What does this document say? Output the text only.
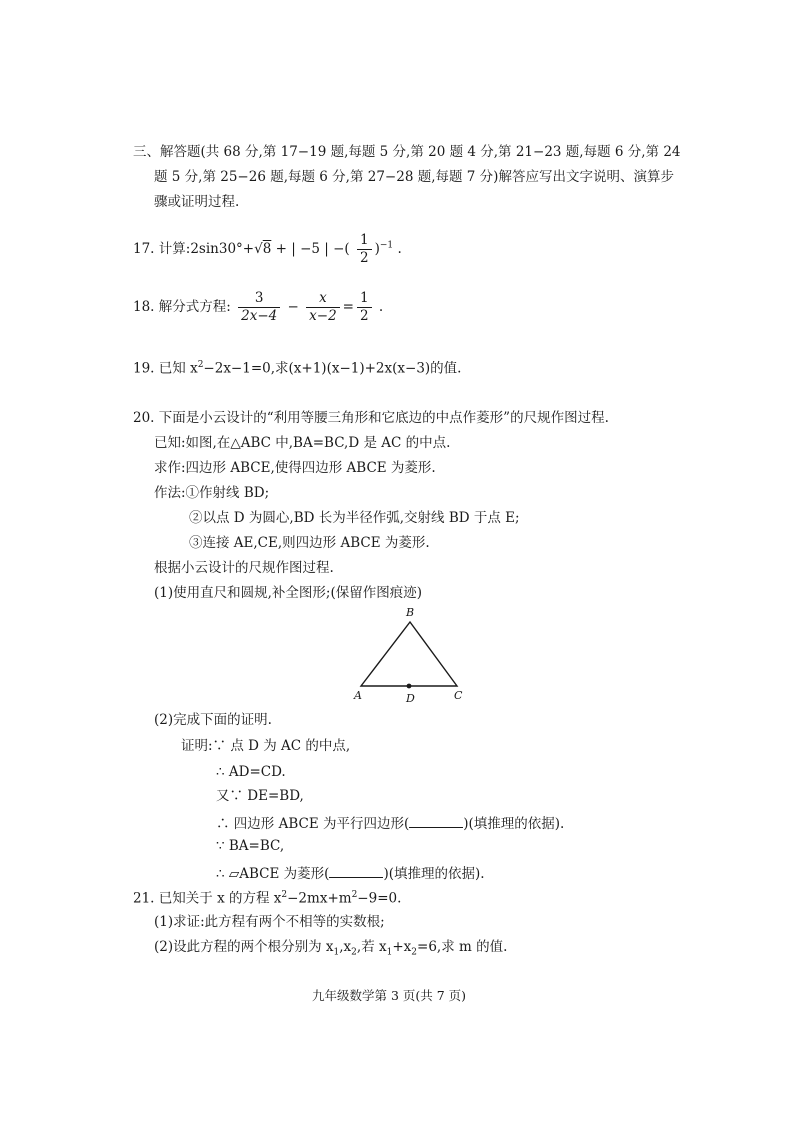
三、解答题(共 68 分,第 17−19 题,每题 5 分,第 20 题 4 分,第 21−23 题,每题 6 分,第 24
题 5 分,第 25−26 题,每题 6 分,第 27−28 题,每题 7 分)解答应写出文字说明、演算步
骤或证明过程.
17. 计算:2sin30°+√8 + | −5 | −( $\frac{1}{2} )^{-1}$ .
18. 解分式方程: $\frac{3}{2x-4} - \frac{x}{x-2} = \frac{1}{2}$ .
19. 已知 $x^2-2x-1=0$,求(x+1)(x−1)+2x(x−3)的值.
20. 下面是小云设计的“利用等腰三角形和它底边的中点作菱形”的尺规作图过程.
已知:如图,在△ABC 中,BA=BC,D 是 AC 的中点.
求作:四边形 ABCE,使得四边形 ABCE 为菱形.
作法:①作射线 BD;
②以点 D 为圆心,BD 长为半径作弧,交射线 BD 于点 E;
③连接 AE,CE,则四边形 ABCE 为菱形.
根据小云设计的尺规作图过程.
(1)使用直尺和圆规,补全图形;(保留作图痕迹)
B
A	C
D
(2)完成下面的证明.
证明:∵ 点 D 为 AC 的中点,
∴ AD=CD.
又∵ DE=BD,
∴ 四边形 ABCE 为平行四边形(	)(填推理的依据).
∵ BA=BC,
∴ ▱ABCE 为菱形(	)(填推理的依据).
21. 已知关于 x 的方程 $x^2-2mx+m^2-9=0$.
(1)求证:此方程有两个不相等的实数根;
(2)设此方程的两个根分别为 $x_1,x_2$,若 $x_1+x_2=6$,求 m 的值.
九年级数学第 3 页(共 7 页)
